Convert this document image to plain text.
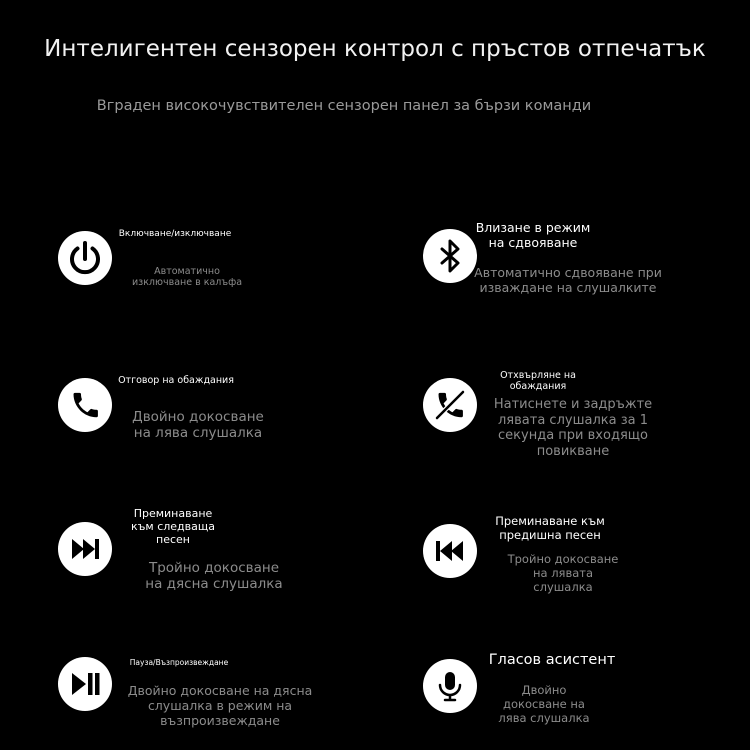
Интелигентен сензорен контрол с пръстов отпечатък
Вграден високочувствителен сензорен панел за бързи команди
Включване/изключване
Автоматично
изключване в калъфа
Влизане в режим
на сдвояване
Автоматично сдвояване при
изваждане на слушалките
Отговор на обаждания
Двойно докосване
на лява слушалка
Отхвърляне на
обаждания
Натиснете и задръжте
лявата слушалка за 1
секунда при входящо
повикване
Преминаване
към следваща
песен
Тройно докосване
на дясна слушалка
Преминаване към
предишна песен
Тройно докосване
на лявата
слушалка
Пауза/Възпроизвеждане
Двойно докосване на дясна
слушалка в режим на
възпроизвеждане
Гласов асистент
Двойно
докосване на
лява слушалка
